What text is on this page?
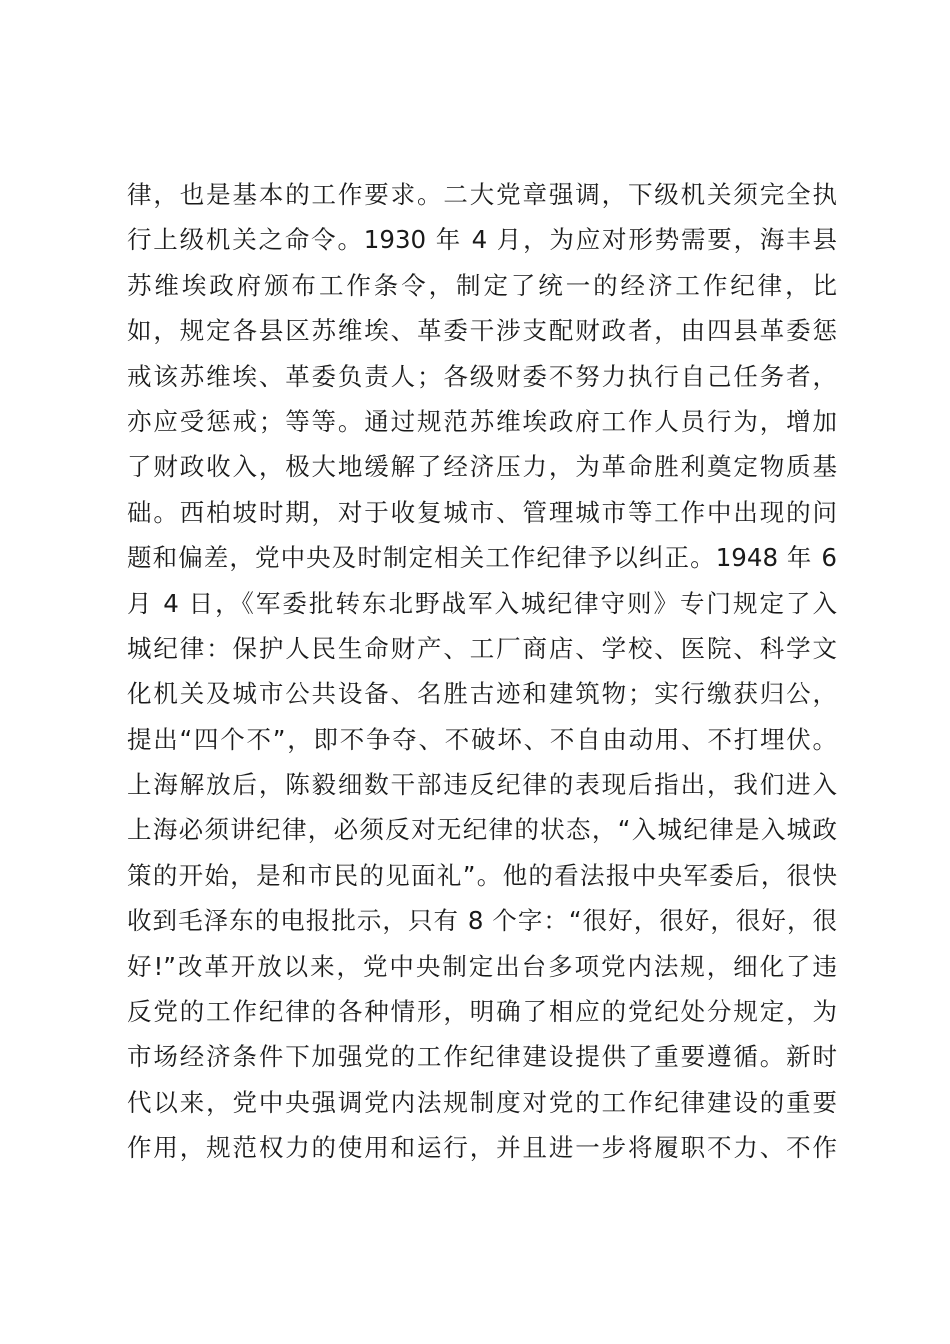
律，也是基本的工作要求。二大党章强调，下级机关须完全执
行上级机关之命令。1930 年 4 月，为应对形势需要，海丰县
苏维埃政府颁布工作条令，制定了统一的经济工作纪律，比
如，规定各县区苏维埃、革委干涉支配财政者，由四县革委惩
戒该苏维埃、革委负责人；各级财委不努力执行自己任务者，
亦应受惩戒；等等。通过规范苏维埃政府工作人员行为，增加
了财政收入，极大地缓解了经济压力，为革命胜利奠定物质基
础。西柏坡时期，对于收复城市、管理城市等工作中出现的问
题和偏差，党中央及时制定相关工作纪律予以纠正。1948 年 6
月 4 日，《军委批转东北野战军入城纪律守则》专门规定了入
城纪律：保护人民生命财产、工厂商店、学校、医院、科学文
化机关及城市公共设备、名胜古迹和建筑物；实行缴获归公，
提出“四个不”，即不争夺、不破坏、不自由动用、不打埋伏。
上海解放后，陈毅细数干部违反纪律的表现后指出，我们进入
上海必须讲纪律，必须反对无纪律的状态，“入城纪律是入城政
策的开始，是和市民的见面礼”。他的看法报中央军委后，很快
收到毛泽东的电报批示，只有 8 个字：“很好，很好，很好，很
好!”改革开放以来，党中央制定出台多项党内法规，细化了违
反党的工作纪律的各种情形，明确了相应的党纪处分规定，为
市场经济条件下加强党的工作纪律建设提供了重要遵循。新时
代以来，党中央强调党内法规制度对党的工作纪律建设的重要
作用，规范权力的使用和运行，并且进一步将履职不力、不作
